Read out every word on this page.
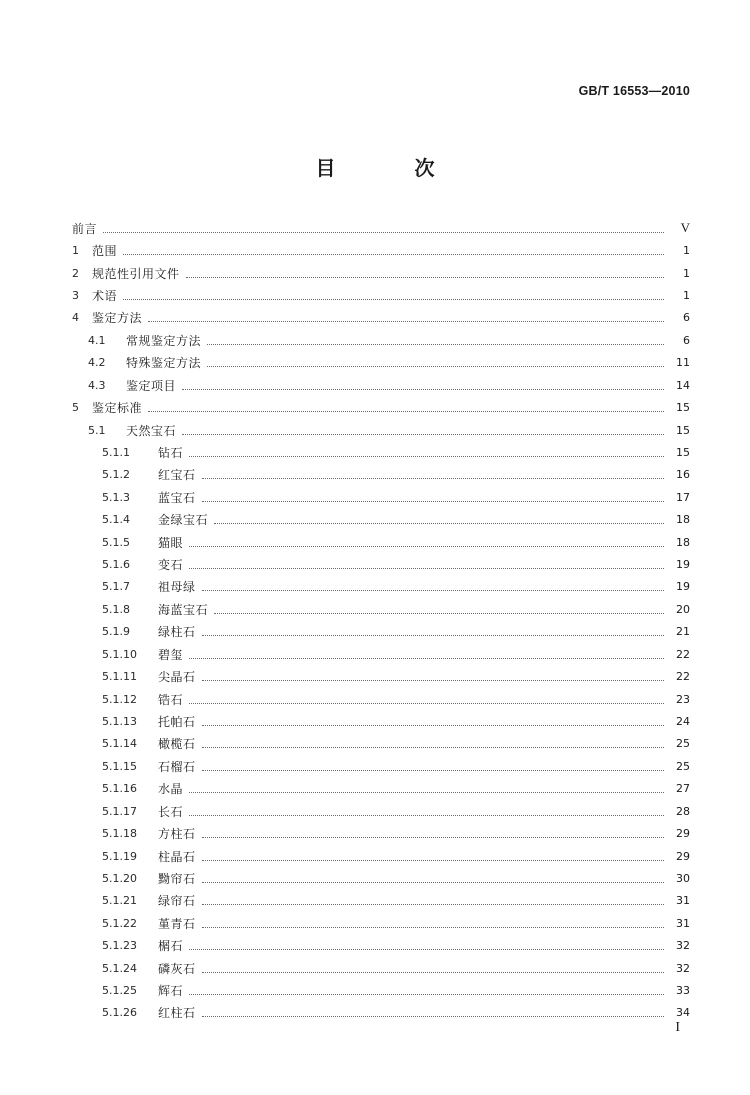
GB/T 16553—2010
目 次
前言	V
1	范围	1
2	规范性引用文件	1
3	术语	1
4	鉴定方法	6
4.1	常规鉴定方法	6
4.2	特殊鉴定方法	11
4.3	鉴定项目	14
5	鉴定标准	15
5.1	天然宝石	15
5.1.1	钻石	15
5.1.2	红宝石	16
5.1.3	蓝宝石	17
5.1.4	金绿宝石	18
5.1.5	猫眼	18
5.1.6	变石	19
5.1.7	祖母绿	19
5.1.8	海蓝宝石	20
5.1.9	绿柱石	21
5.1.10	碧玺	22
5.1.11	尖晶石	22
5.1.12	锆石	23
5.1.13	托帕石	24
5.1.14	橄榄石	25
5.1.15	石榴石	25
5.1.16	水晶	27
5.1.17	长石	28
5.1.18	方柱石	29
5.1.19	柱晶石	29
5.1.20	黝帘石	30
5.1.21	绿帘石	31
5.1.22	堇青石	31
5.1.23	榍石	32
5.1.24	磷灰石	32
5.1.25	辉石	33
5.1.26	红柱石	34
I
